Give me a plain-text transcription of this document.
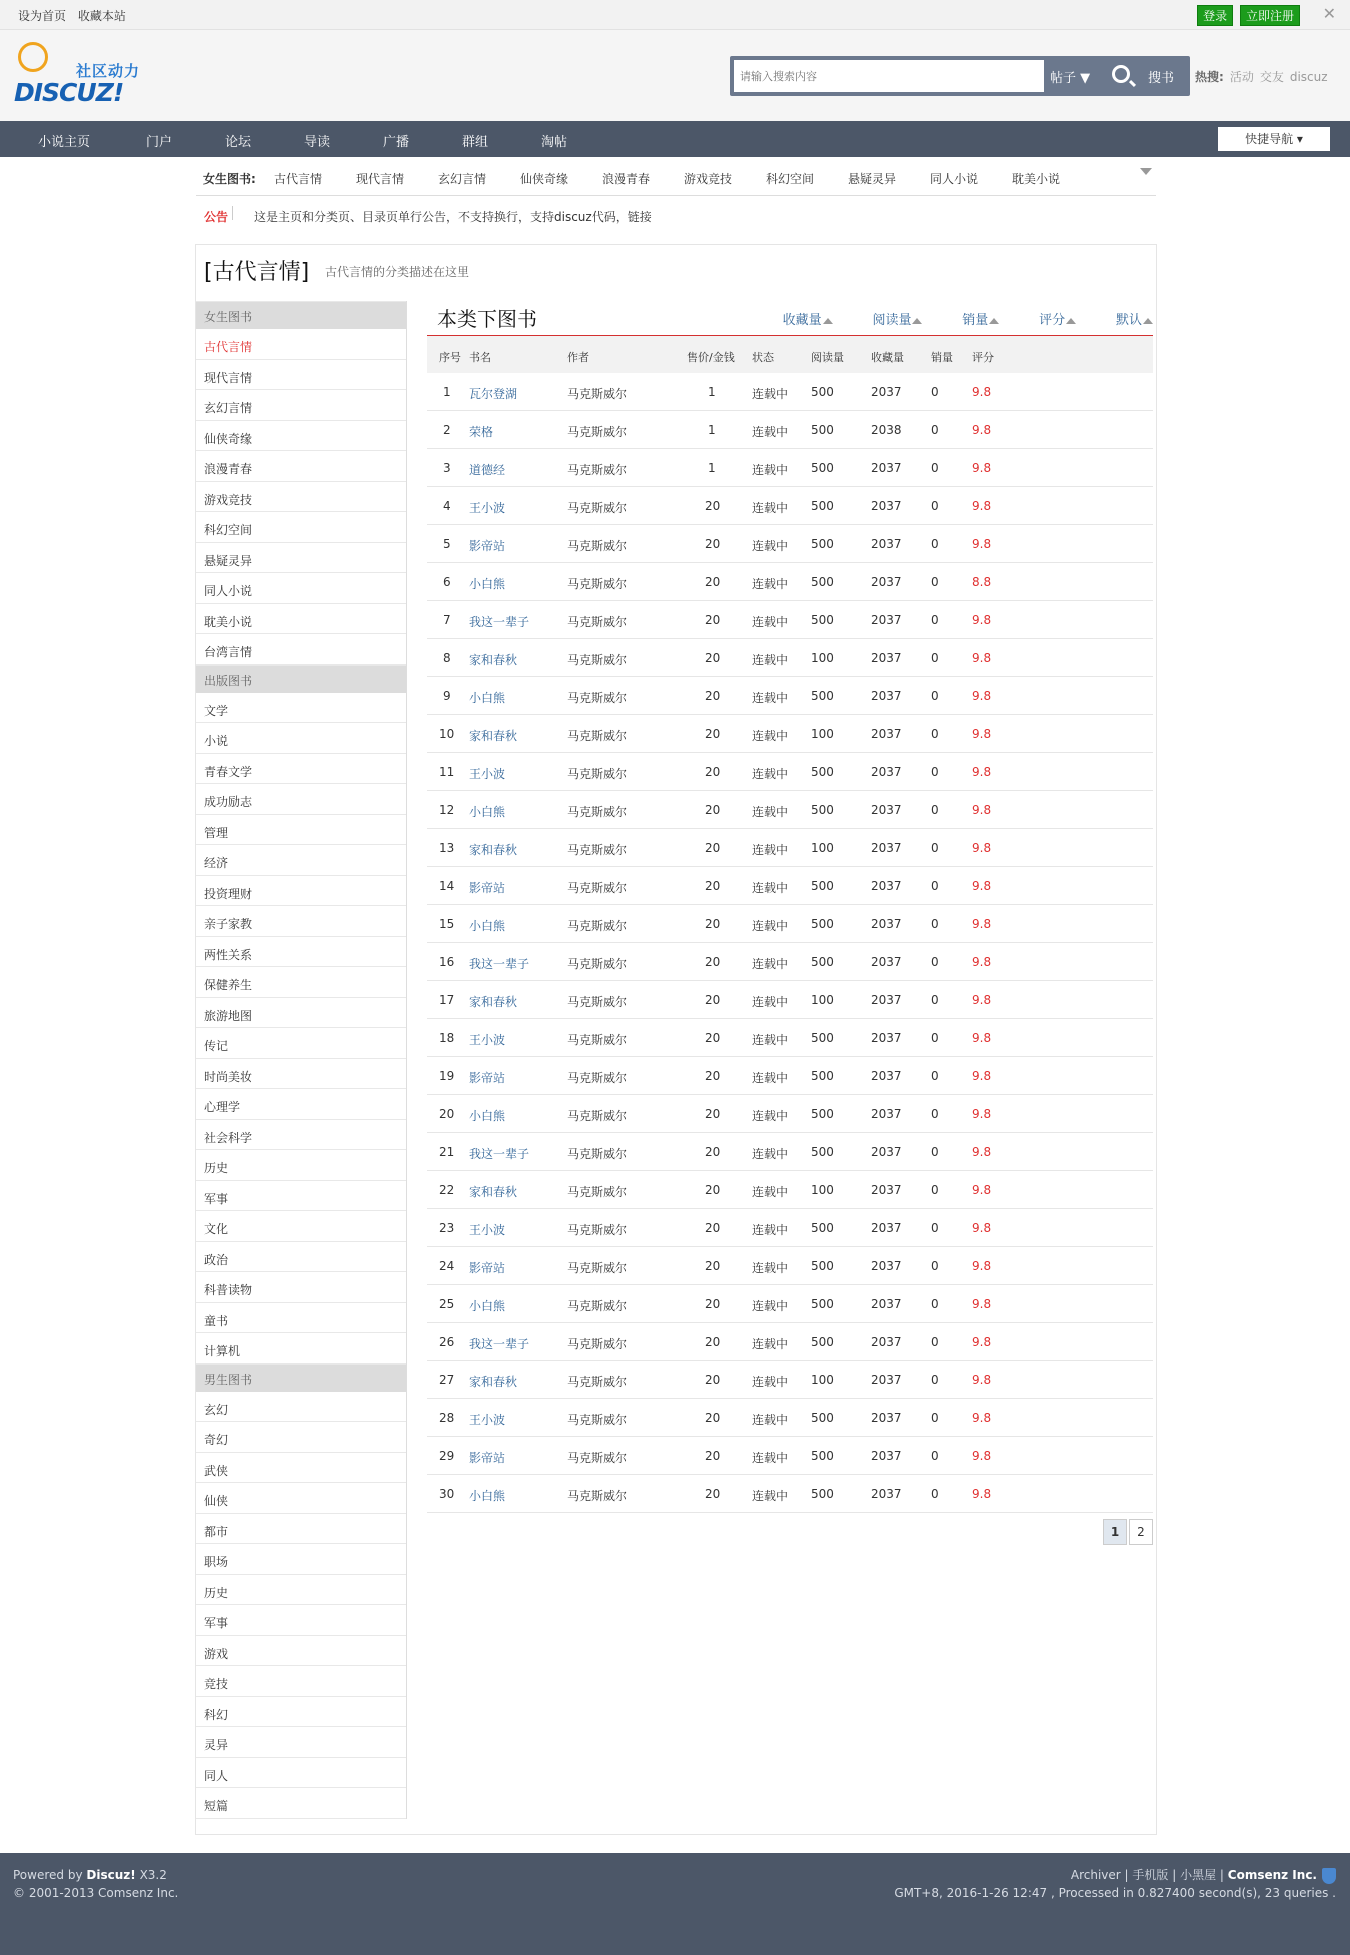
设为首页 收藏本站	登录 立即注册	✕
社区动力
DISCUZ!
请输入搜索内容	帖子 ▼	搜书 热搜: 活动 交友 discuz
小说主页	门户	论坛	导读	广播	群组	淘帖	快捷导航 ▾
女生图书: 古代言情	现代言情	玄幻言情	仙侠奇缘	浪漫青春	游戏竞技	科幻空间	悬疑灵异	同人小说	耽美小说
公告 这是主页和分类页、目录页单行公告，不支持换行，支持discuz代码，链接
[古代言情] 古代言情的分类描述在这里
女生图书
古代言情
现代言情
玄幻言情
仙侠奇缘
浪漫青春
游戏竞技
科幻空间
悬疑灵异
同人小说
耽美小说
台湾言情
出版图书
文学
小说
青春文学
成功励志
管理
经济
投资理财
亲子家教
两性关系
保健养生
旅游地图
传记
时尚美妆
心理学
社会科学
历史
军事
文化
政治
科普读物
童书
计算机
男生图书
玄幻
奇幻
武侠
仙侠
都市
职场
历史
军事
游戏
竞技
科幻
灵异
同人
短篇
本类下图书	收藏量	阅读量	销量	评分	默认
序号 书名	作者	售价/金钱 状态	阅读量 收藏量 销量 评分
1 瓦尔登湖	马克斯威尔	1	连载中 500	2037 0	9.8
2 荣格	马克斯威尔	1	连载中 500	2038 0	9.8
3 道德经	马克斯威尔	1	连载中 500	2037 0	9.8
4 王小波	马克斯威尔	20	连载中 500	2037 0	9.8
5 影帝站	马克斯威尔	20	连载中 500	2037 0	9.8
6 小白熊	马克斯威尔	20	连载中 500	2037 0	8.8
7 我这一辈子	马克斯威尔	20	连载中 500	2037 0	9.8
8 家和春秋	马克斯威尔	20	连载中 100	2037 0	9.8
9 小白熊	马克斯威尔	20	连载中 500	2037 0	9.8
10 家和春秋	马克斯威尔	20	连载中 100	2037 0	9.8
11 王小波	马克斯威尔	20	连载中 500	2037 0	9.8
12 小白熊	马克斯威尔	20	连载中 500	2037 0	9.8
13 家和春秋	马克斯威尔	20	连载中 100	2037 0	9.8
14 影帝站	马克斯威尔	20	连载中 500	2037 0	9.8
15 小白熊	马克斯威尔	20	连载中 500	2037 0	9.8
16 我这一辈子	马克斯威尔	20	连载中 500	2037 0	9.8
17 家和春秋	马克斯威尔	20	连载中 100	2037 0	9.8
18 王小波	马克斯威尔	20	连载中 500	2037 0	9.8
19 影帝站	马克斯威尔	20	连载中 500	2037 0	9.8
20 小白熊	马克斯威尔	20	连载中 500	2037 0	9.8
21 我这一辈子	马克斯威尔	20	连载中 500	2037 0	9.8
22 家和春秋	马克斯威尔	20	连载中 100	2037 0	9.8
23 王小波	马克斯威尔	20	连载中 500	2037 0	9.8
24 影帝站	马克斯威尔	20	连载中 500	2037 0	9.8
25 小白熊	马克斯威尔	20	连载中 500	2037 0	9.8
26 我这一辈子	马克斯威尔	20	连载中 500	2037 0	9.8
27 家和春秋	马克斯威尔	20	连载中 100	2037 0	9.8
28 王小波	马克斯威尔	20	连载中 500	2037 0	9.8
29 影帝站	马克斯威尔	20	连载中 500	2037 0	9.8
30 小白熊	马克斯威尔	20	连载中 500	2037 0	9.8
1 2
Powered by Discuz! X3.2
© 2001-2013 Comsenz Inc.
Archiver | 手机版 | 小黑屋 | Comsenz Inc.
GMT+8, 2016-1-26 12:47 , Processed in 0.827400 second(s), 23 queries .
